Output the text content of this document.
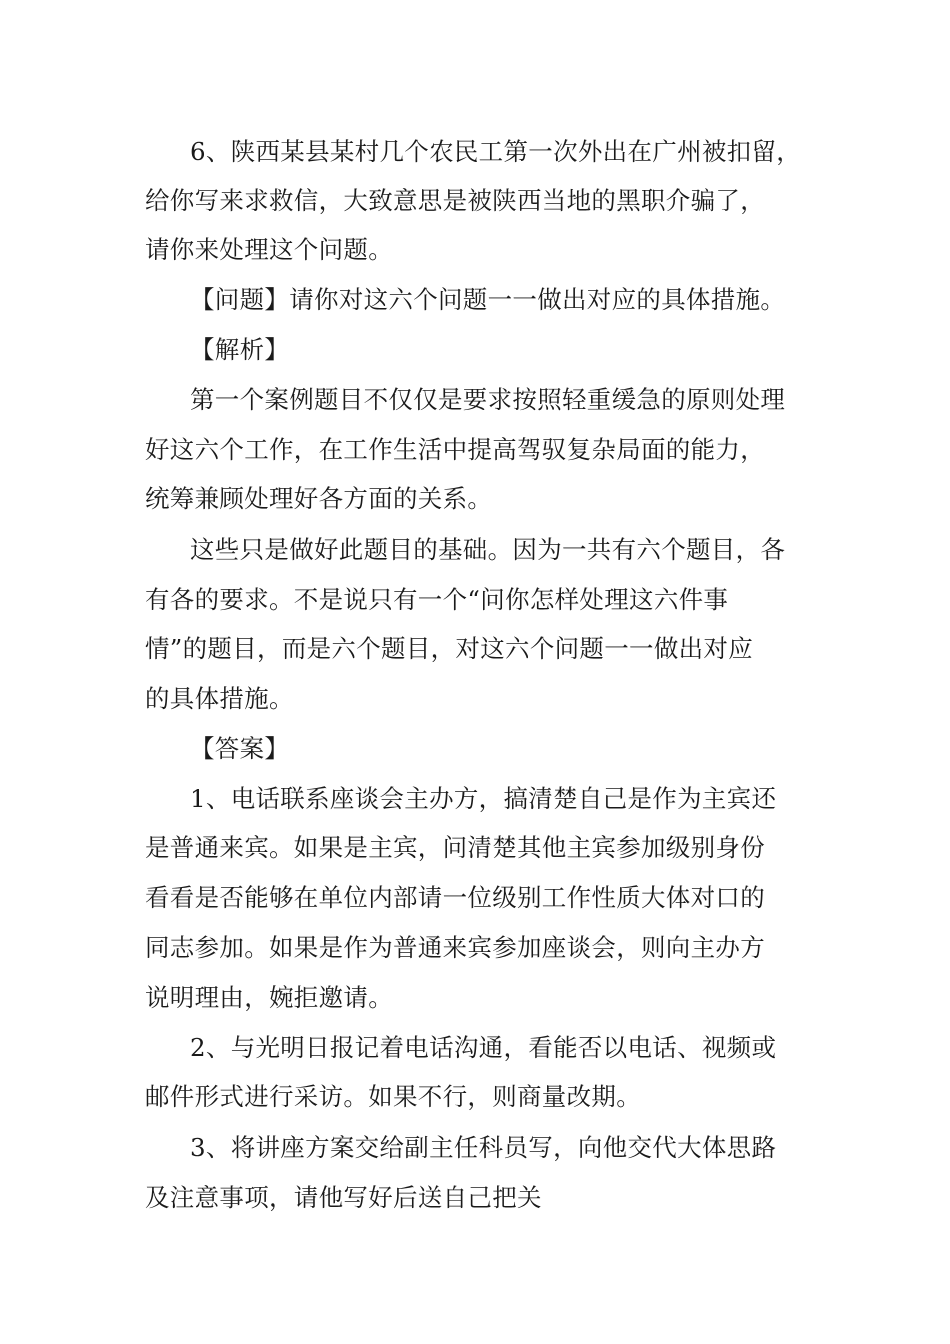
6、陕西某县某村几个农民工第一次外出在广州被扣留，
给你写来求救信，大致意思是被陕西当地的黑职介骗了，
请你来处理这个问题。
【问题】请你对这六个问题一一做出对应的具体措施。
【解析】
第一个案例题目不仅仅是要求按照轻重缓急的原则处理
好这六个工作，在工作生活中提高驾驭复杂局面的能力，
统筹兼顾处理好各方面的关系。
这些只是做好此题目的基础。因为一共有六个题目，各
有各的要求。不是说只有一个“问你怎样处理这六件事
情”的题目，而是六个题目，对这六个问题一一做出对应
的具体措施。
【答案】
1、电话联系座谈会主办方，搞清楚自己是作为主宾还
是普通来宾。如果是主宾，问清楚其他主宾参加级别身份
看看是否能够在单位内部请一位级别工作性质大体对口的
同志参加。如果是作为普通来宾参加座谈会，则向主办方
说明理由，婉拒邀请。
2、与光明日报记着电话沟通，看能否以电话、视频或
邮件形式进行采访。如果不行，则商量改期。
3、将讲座方案交给副主任科员写，向他交代大体思路
及注意事项，请他写好后送自己把关
